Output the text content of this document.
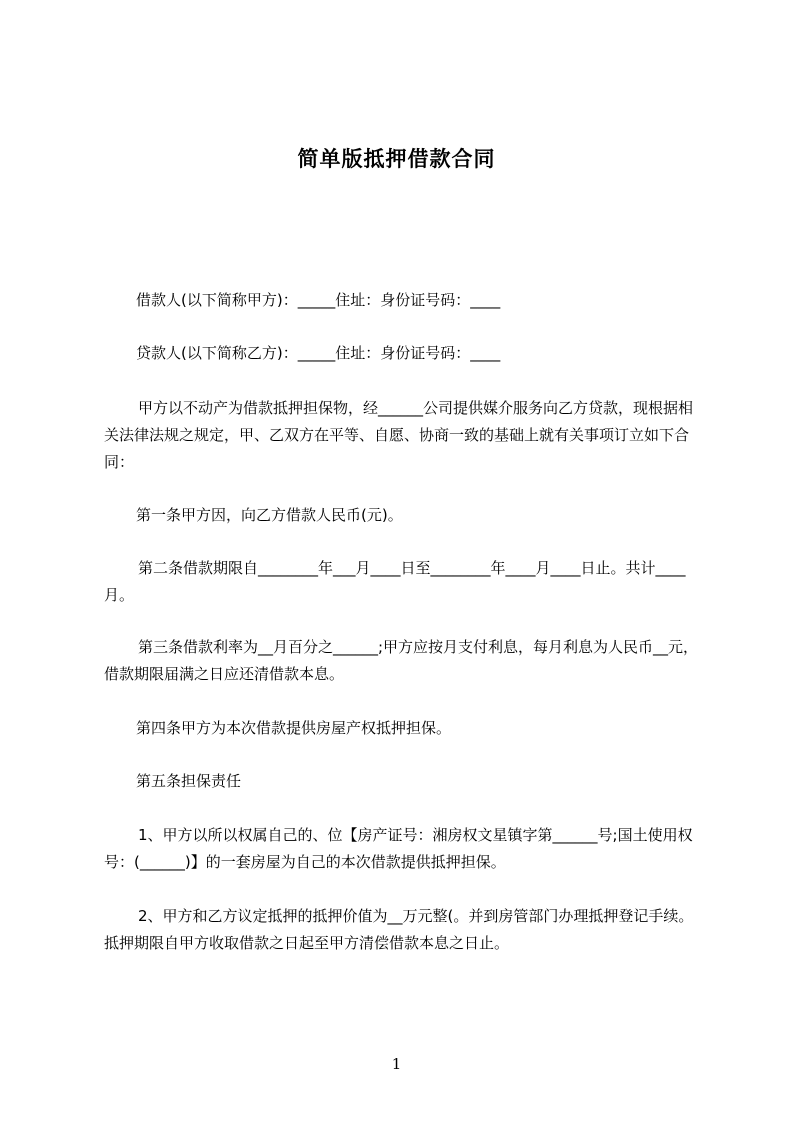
简单版抵押借款合同
借款人(以下简称甲方)：_____住址：身份证号码：____
贷款人(以下简称乙方)：_____住址：身份证号码：____
甲方以不动产为借款抵押担保物，经______公司提供媒介服务向乙方贷款，现根据相关法律法规之规定，甲、乙双方在平等、自愿、协商一致的基础上就有关事项订立如下合同：
第一条甲方因，向乙方借款人民币(元)。
第二条借款期限自________年___月____日至________年____月____日止。共计____月。
第三条借款利率为__月百分之______;甲方应按月支付利息，每月利息为人民币__元，借款期限届满之日应还清借款本息。
第四条甲方为本次借款提供房屋产权抵押担保。
第五条担保责任
1、甲方以所以权属自己的、位【房产证号：湘房权文星镇字第______号;国土使用权号：(______)】的一套房屋为自己的本次借款提供抵押担保。
2、甲方和乙方议定抵押的抵押价值为__万元整(。并到房管部门办理抵押登记手续。抵押期限自甲方收取借款之日起至甲方清偿借款本息之日止。
1
